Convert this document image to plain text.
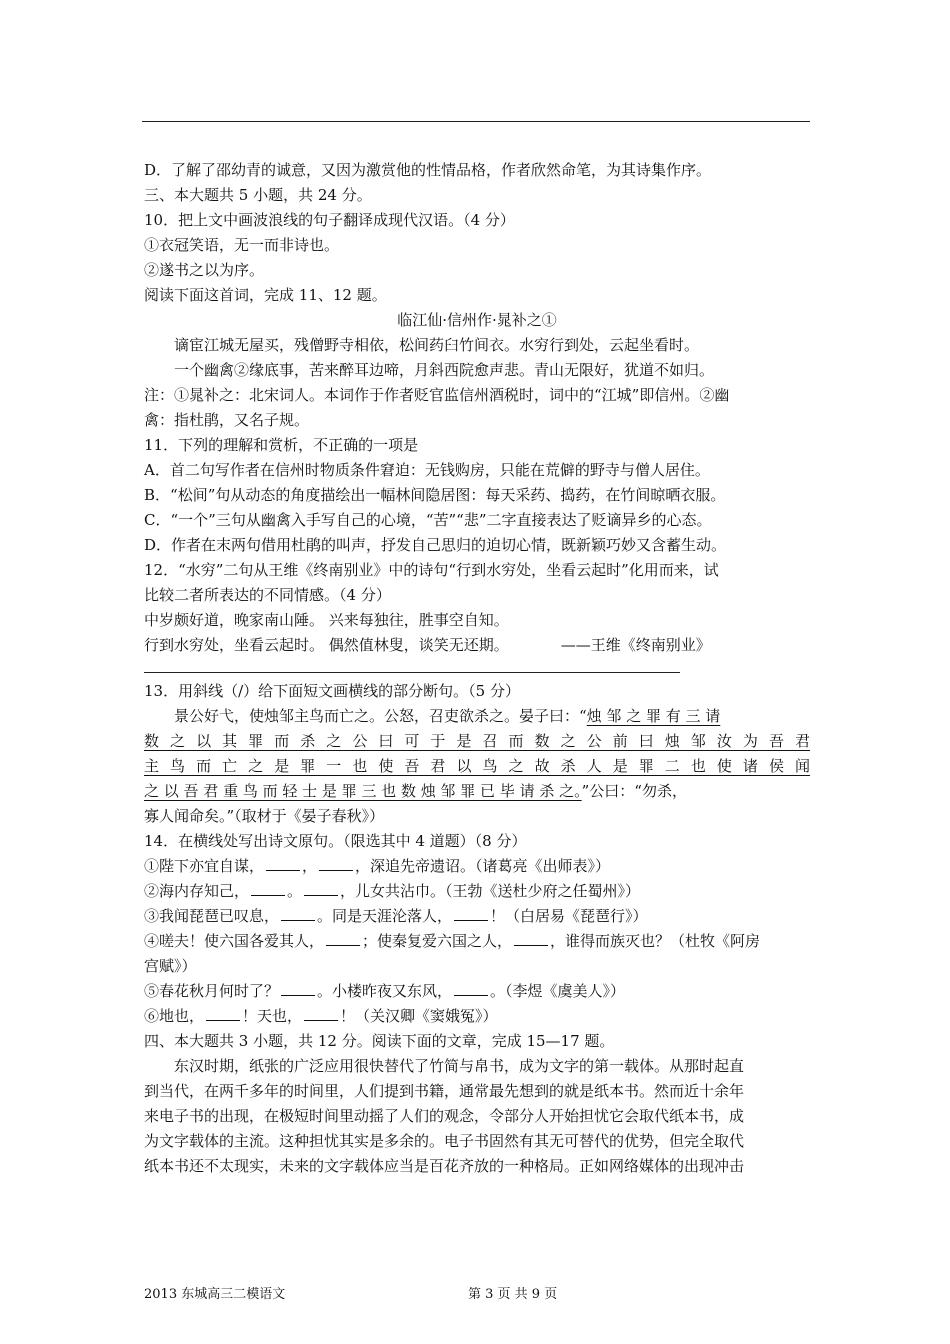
D．了解了邵幼青的诚意，又因为激赏他的性情品格，作者欣然命笔，为其诗集作序。

三、本大题共 5 小题，共 24 分。

10．把上文中画波浪线的句子翻译成现代汉语。（4 分）

①衣冠笑语，无一而非诗也。

②遂书之以为序。

阅读下面这首词，完成 11、12 题。

临江仙·信州作·晁补之①

谪宦江城无屋买，残僧野寺相依，松间药臼竹间衣。水穷行到处，云起坐看时。

一个幽禽②缘底事，苦来醉耳边啼，月斜西院愈声悲。青山无限好，犹道不如归。

注：①晁补之：北宋词人。本词作于作者贬官监信州酒税时，词中的“江城”即信州。②幽

禽：指杜鹃，又名子规。

11．下列的理解和赏析，不正确的一项是

A．首二句写作者在信州时物质条件窘迫：无钱购房，只能在荒僻的野寺与僧人居住。

B．“松间”句从动态的角度描绘出一幅林间隐居图：每天采药、捣药，在竹间晾晒衣服。

C．“一个”三句从幽禽入手写自己的心境，“苦”“悲”二字直接表达了贬谪异乡的心态。

D．作者在末两句借用杜鹃的叫声，抒发自己思归的迫切心情，既新颖巧妙又含蓄生动。

12．“水穷”二句从王维《终南别业》中的诗句“行到水穷处，坐看云起时”化用而来，试

比较二者所表达的不同情感。（4 分）

中岁颇好道，晚家南山陲。 兴来每独往，胜事空自知。

行到水穷处，坐看云起时。 偶然值林叟，谈笑无还期。	——王维《终南别业》

13．用斜线（/）给下面短文画横线的部分断句。（5 分）

景公好弋，使烛邹主鸟而亡之。公怒，召吏欲杀之。晏子曰：“烛 邹 之 罪 有 三 请

数 之 以 其 罪 而 杀 之 公 曰 可 于 是 召 而 数 之 公 前 曰 烛 邹 汝 为 吾 君

主 鸟 而 亡 之 是 罪 一 也 使 吾 君 以 鸟 之 故 杀 人 是 罪 二 也 使 诸 侯 闻

之 以 吾 君 重 鸟 而 轻 士 是 罪 三 也 数 烛 邹 罪 已 毕 请 杀 之。”公曰：“勿杀，

寡人闻命矣。”（取材于《晏子春秋》）

14．在横线处写出诗文原句。（限选其中 4 道题）（8 分）

①陛下亦宜自谋，	，	，深追先帝遗诏。（诸葛亮《出师表》）

②海内存知己，	。	，儿女共沾巾。（王勃《送杜少府之任蜀州》）

③我闻琵琶已叹息，	。同是天涯沦落人，	！（白居易《琵琶行》）

④嗟夫！使六国各爱其人，	；使秦复爱六国之人，	，谁得而族灭也？（杜牧《阿房

宫赋》）

⑤春花秋月何时了？	。小楼昨夜又东风，	。（李煜《虞美人》）

⑥地也，	！天也，	！（关汉卿《窦娥冤》）

四、本大题共 3 小题，共 12 分。阅读下面的文章，完成 15—17 题。

东汉时期，纸张的广泛应用很快替代了竹简与帛书，成为文字的第一载体。从那时起直

到当代，在两千多年的时间里，人们提到书籍，通常最先想到的就是纸本书。然而近十余年

来电子书的出现，在极短时间里动摇了人们的观念，令部分人开始担忧它会取代纸本书，成

为文字载体的主流。这种担忧其实是多余的。电子书固然有其无可替代的优势，但完全取代

纸本书还不太现实，未来的文字载体应当是百花齐放的一种格局。正如网络媒体的出现冲击

2013 东城高三二模语文	第 3 页 共 9 页
